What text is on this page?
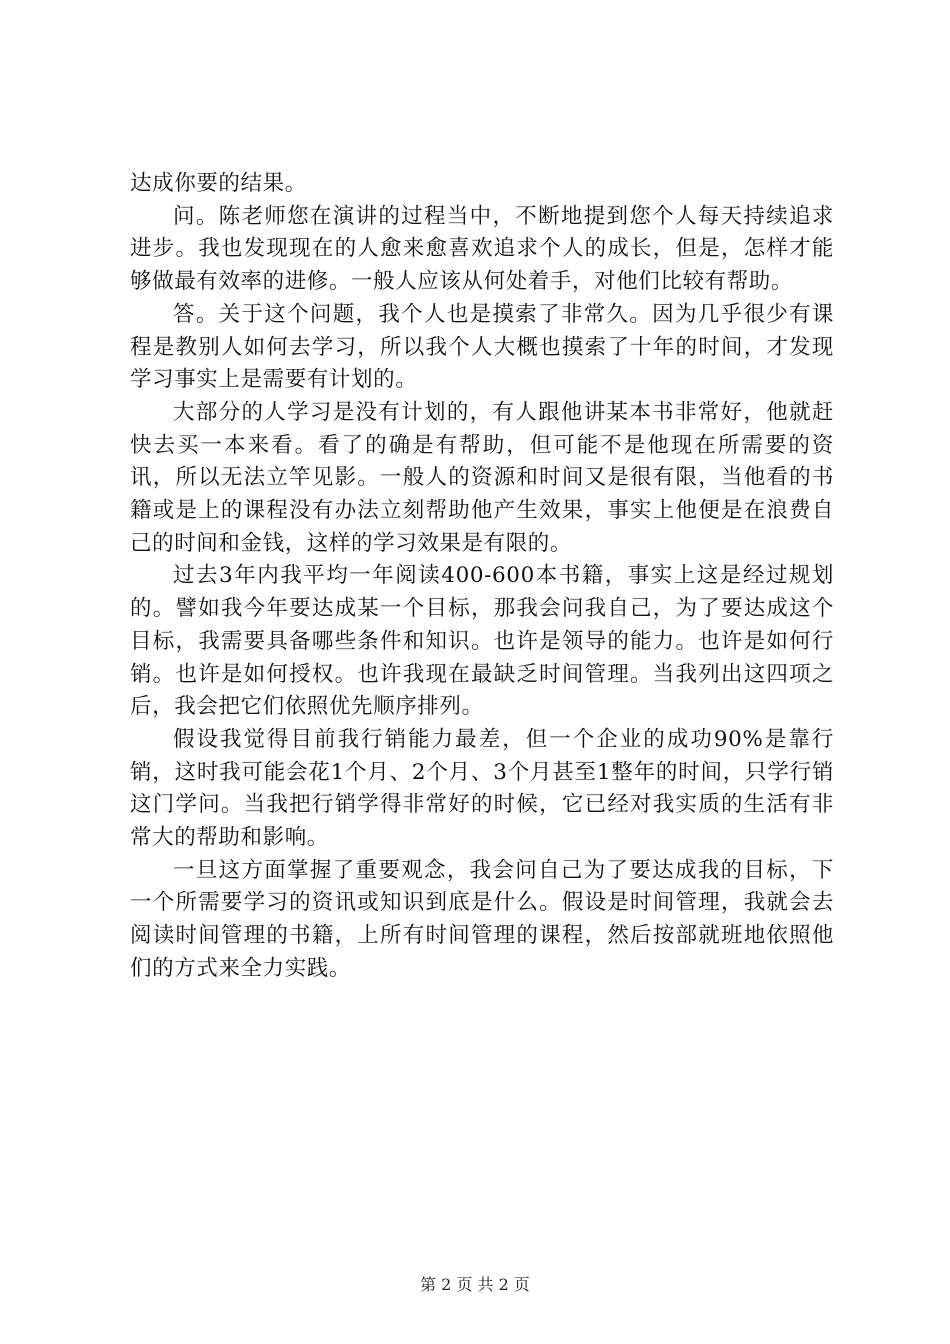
达成你要的结果。

问。陈老师您在演讲的过程当中，不断地提到您个人每天持续追求进步。我也发现现在的人愈来愈喜欢追求个人的成长，但是，怎样才能够做最有效率的进修。一般人应该从何处着手，对他们比较有帮助。

答。关于这个问题，我个人也是摸索了非常久。因为几乎很少有课程是教别人如何去学习，所以我个人大概也摸索了十年的时间，才发现学习事实上是需要有计划的。

大部分的人学习是没有计划的，有人跟他讲某本书非常好，他就赶快去买一本来看。看了的确是有帮助，但可能不是他现在所需要的资讯，所以无法立竿见影。一般人的资源和时间又是很有限，当他看的书籍或是上的课程没有办法立刻帮助他产生效果，事实上他便是在浪费自己的时间和金钱，这样的学习效果是有限的。

过去3年内我平均一年阅读400-600本书籍，事实上这是经过规划的。譬如我今年要达成某一个目标，那我会问我自己，为了要达成这个目标，我需要具备哪些条件和知识。也许是领导的能力。也许是如何行销。也许是如何授权。也许我现在最缺乏时间管理。当我列出这四项之后，我会把它们依照优先顺序排列。

假设我觉得目前我行销能力最差，但一个企业的成功90%是靠行销，这时我可能会花1个月、2个月、3个月甚至1整年的时间，只学行销这门学问。当我把行销学得非常好的时候，它已经对我实质的生活有非常大的帮助和影响。

一旦这方面掌握了重要观念，我会问自己为了要达成我的目标，下一个所需要学习的资讯或知识到底是什么。假设是时间管理，我就会去阅读时间管理的书籍，上所有时间管理的课程，然后按部就班地依照他们的方式来全力实践。

第 2 页 共 2 页
